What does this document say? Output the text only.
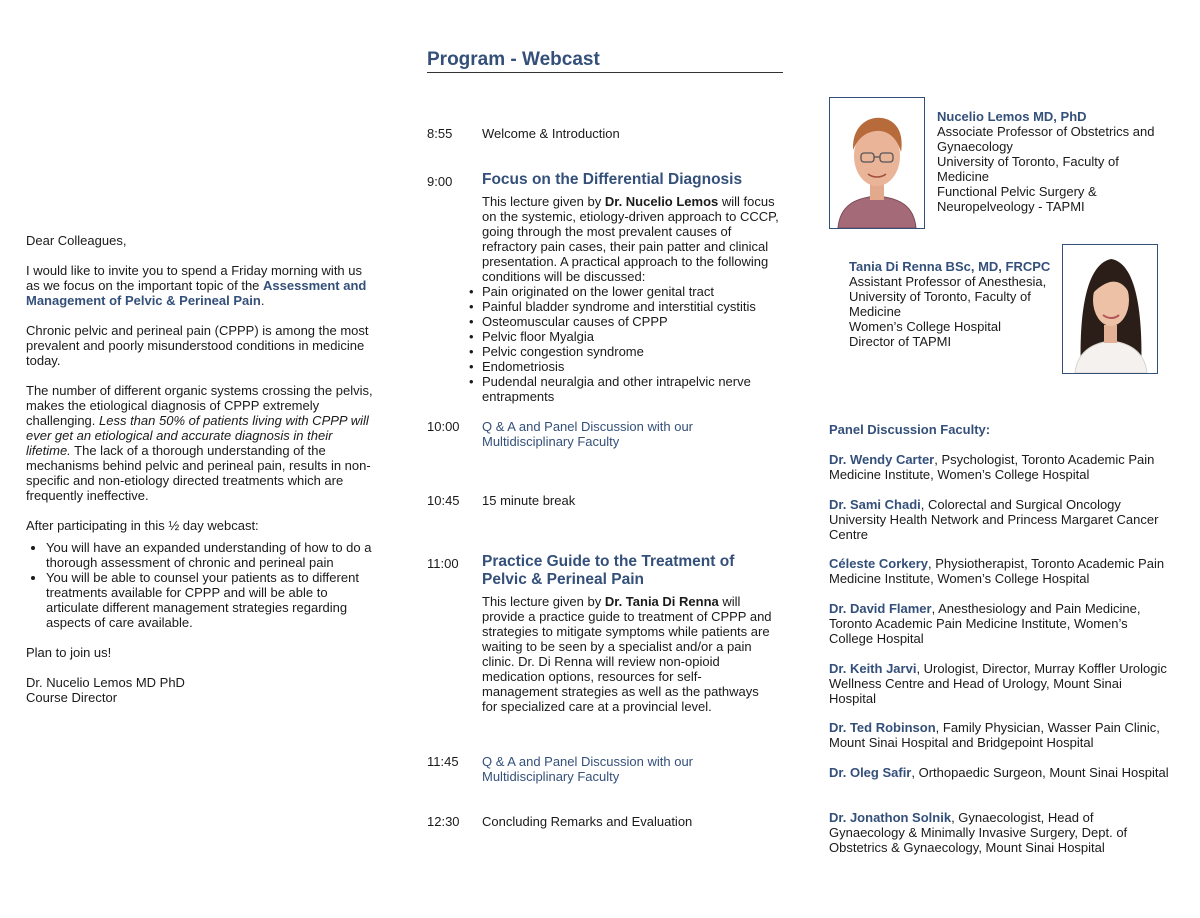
Dear Colleagues,

I would like to invite you to spend a Friday morning with us as we focus on the important topic of the Assessment and Management of Pelvic & Perineal Pain.

Chronic pelvic and perineal pain (CPPP) is among the most prevalent and poorly misunderstood conditions in medicine today.

The number of different organic systems crossing the pelvis, makes the etiological diagnosis of CPPP extremely challenging. Less than 50% of patients living with CPPP will ever get an etiological and accurate diagnosis in their lifetime. The lack of a thorough understanding of the mechanisms behind pelvic and perineal pain, results in non-specific and non-etiology directed treatments which are frequently ineffective.

After participating in this ½ day webcast:

• You will have an expanded understanding of how to do a thorough assessment of chronic and perineal pain
• You will be able to counsel your patients as to different treatments available for CPPP and will be able to articulate different management strategies regarding aspects of care available.

Plan to join us!

Dr. Nucelio Lemos MD PhD

Course Director

Program - Webcast
8:55 Welcome & Introduction
9:00 Focus on the Differential Diagnosis

This lecture given by Dr. Nucelio Lemos will focus on the systemic, etiology-driven approach to CCCP, going through the most prevalent causes of refractory pain cases, their pain patter and clinical presentation. A practical approach to the following conditions will be discussed:

• Pain originated on the lower genital tract
• Painful bladder syndrome and interstitial cystitis
• Osteomuscular causes of CPPP
• Pelvic floor Myalgia
• Pelvic congestion syndrome
• Endometriosis
• Pudendal neuralgia and other intrapelvic nerve entrapments
10:00 Q & A and Panel Discussion with our Multidisciplinary Faculty
10:45 15 minute break
11:00 Practice Guide to the Treatment of Pelvic & Perineal Pain

This lecture given by Dr. Tania Di Renna will provide a practice guide to treatment of CPPP and strategies to mitigate symptoms while patients are waiting to be seen by a specialist and/or a pain clinic. Dr. Di Renna will review non-opioid medication options, resources for self-management strategies as well as the pathways for specialized care at a provincial level.

11:45 Q & A and Panel Discussion with our Multidisciplinary Faculty
12:30 Concluding Remarks and Evaluation
Nucelio Lemos MD, PhD
Associate Professor of Obstetrics and Gynaecology
University of Toronto, Faculty of Medicine
Functional Pelvic Surgery & Neuropelveology - TAPMI
Tania Di Renna BSc, MD, FRCPC
Assistant Professor of Anesthesia, University of Toronto, Faculty of Medicine
Women’s College Hospital
Director of TAPMI
Panel Discussion Faculty:
Dr. Wendy Carter, Psychologist, Toronto Academic Pain Medicine Institute, Women’s College Hospital
Dr. Sami Chadi, Colorectal and Surgical Oncology University Health Network and Princess Margaret Cancer Centre
Céleste Corkery, Physiotherapist, Toronto Academic Pain Medicine Institute, Women’s College Hospital
Dr. David Flamer, Anesthesiology and Pain Medicine, Toronto Academic Pain Medicine Institute, Women’s College Hospital
Dr. Keith Jarvi, Urologist, Director, Murray Koffler Urologic Wellness Centre and Head of Urology, Mount Sinai Hospital
Dr. Ted Robinson, Family Physician, Wasser Pain Clinic, Mount Sinai Hospital and Bridgepoint Hospital
Dr. Oleg Safir, Orthopaedic Surgeon, Mount Sinai Hospital
Dr. Jonathon Solnik, Gynaecologist, Head of Gynaecology & Minimally Invasive Surgery, Dept. of Obstetrics & Gynaecology, Mount Sinai Hospital
